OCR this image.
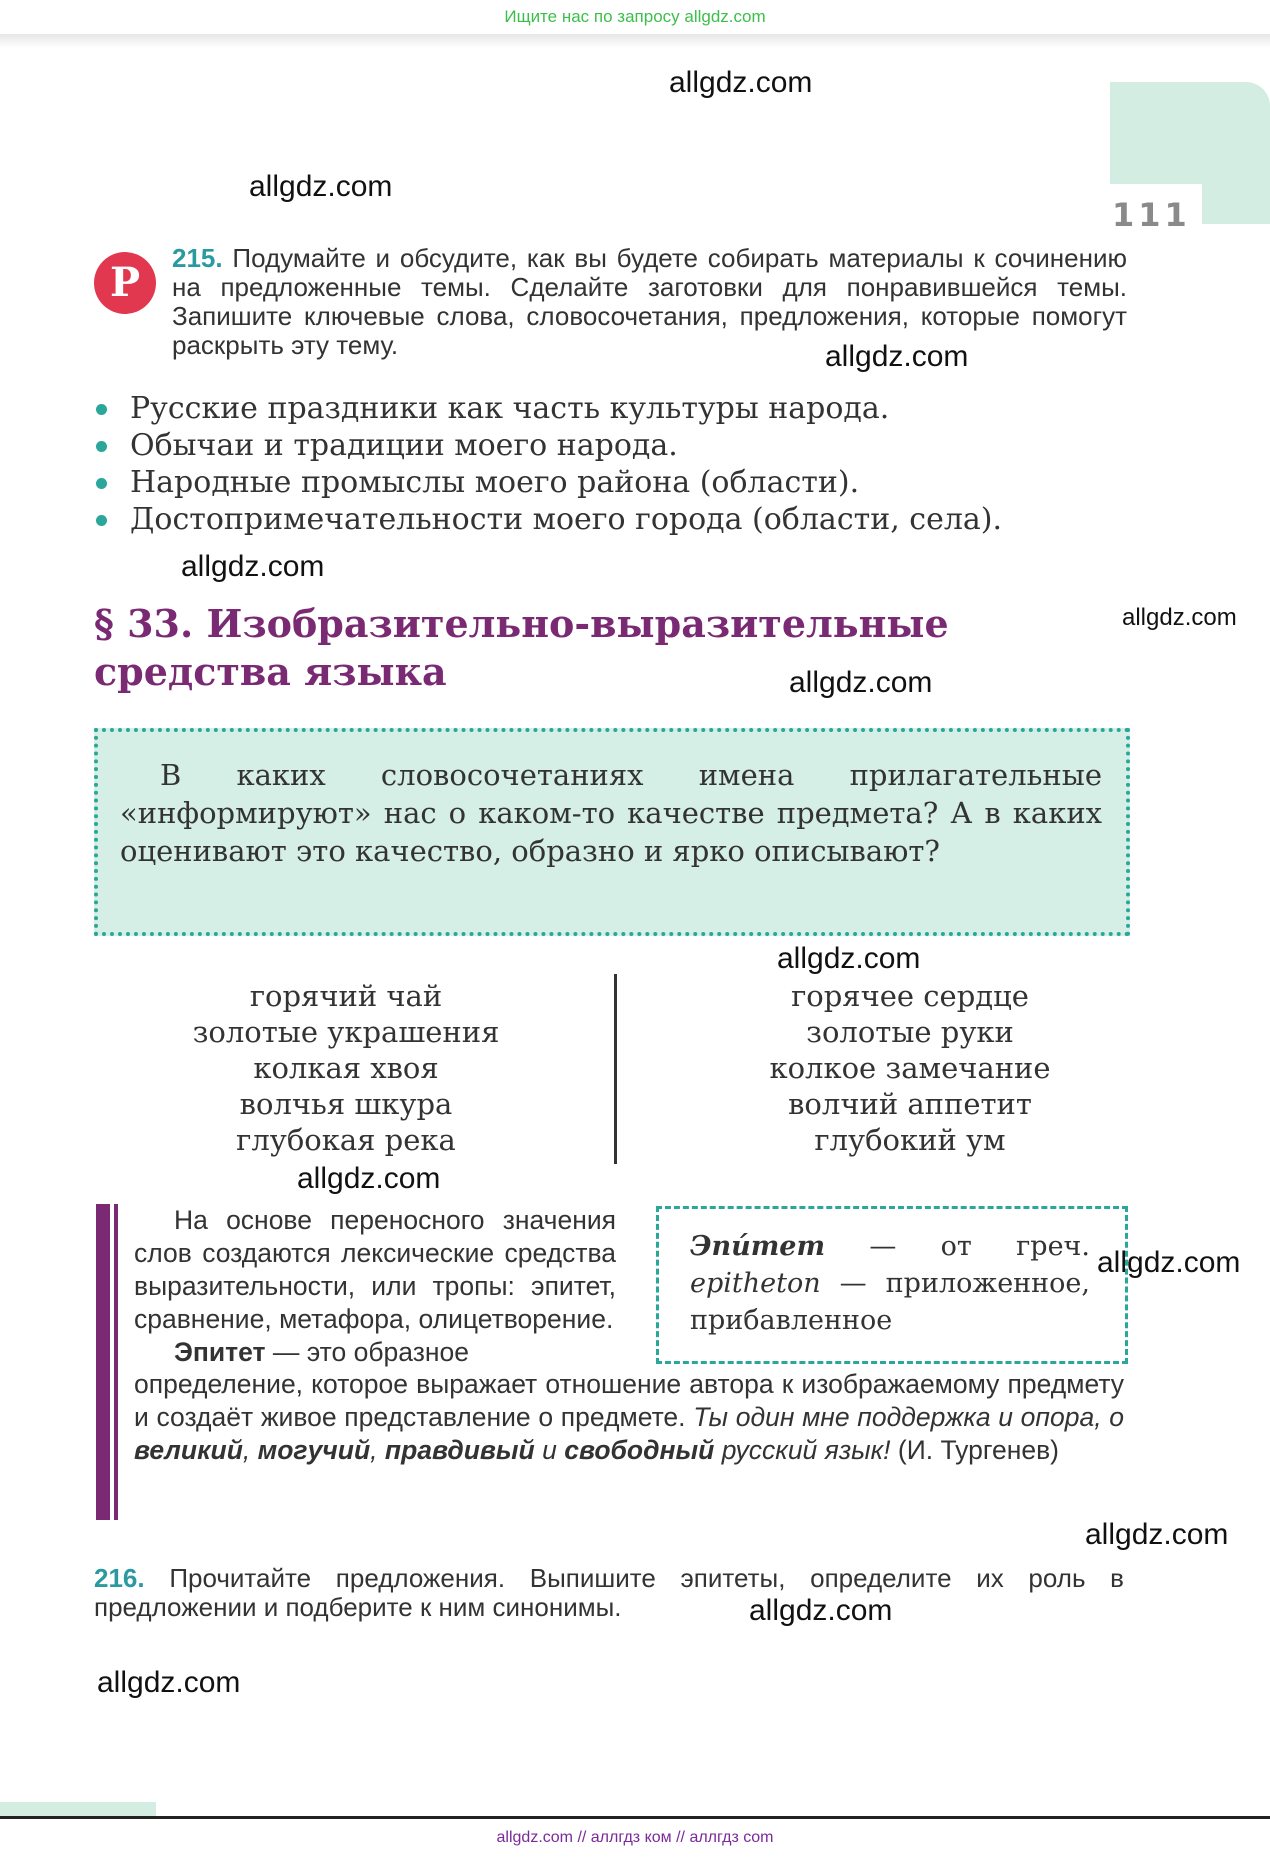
Ищите нас по запросу allgdz.com
111
Р
215. Подумайте и обсудите, как вы будете собирать материалы к сочинению на предложенные темы. Сделайте заготовки для понравившейся темы. Запишите ключевые слова, словосочетания, предложения, которые помогут раскрыть эту тему.
Русские праздники как часть культуры народа.
Обычаи и традиции моего народа.
Народные промыслы моего района (области).
Достопримечательности моего города (области, села).
§ 33. Изобразительно-выразительные
средства языка
В каких словосочетаниях имена прилагательные «информируют» нас о каком-то качестве предмета? А в каких оценивают это качество, образно и ярко описывают?
горячий чай
золотые украшения
колкая хвоя
волчья шкура
глубокая река
горячее сердце
золотые руки
колкое замечание
волчий аппетит
глубокий ум
На основе переносного значения слов создаются лексические средства выразительности, или тропы: эпитет, сравнение, метафора, олицетворение.
Эпитет — это образное
определение, которое выражает отношение автора к изображаемому предмету и создаёт живое представление о предмете. Ты один мне поддержка и опора, о великий, могучий, правдивый и свободный русский язык! (И. Тургенев)
Эпи́тет — от греч. epitheton — приложенное, прибавленное
216. Прочитайте предложения. Выпишите эпитеты, определите их роль в предложении и подберите к ним синонимы.
allgdz.com
allgdz.com
allgdz.com
allgdz.com
allgdz.com
allgdz.com
allgdz.com
allgdz.com
allgdz.com
allgdz.com
allgdz.com
allgdz.com
allgdz.com // аллгдз ком // аллгдз com
